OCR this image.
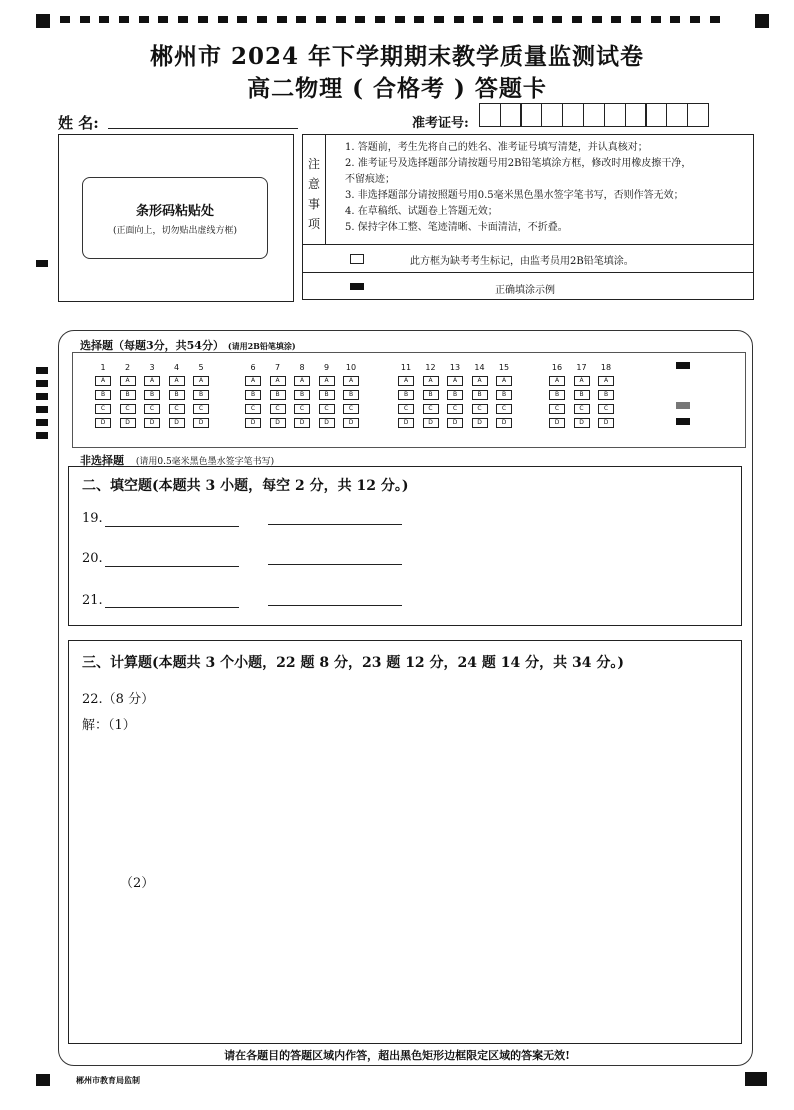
郴州市 2024 年下学期期末教学质量监测试卷
高二物理 ( 合格考 ) 答题卡
姓 名:	准考证号:
条形码粘贴处
(正面向上，切勿贴出虚线方框)
注
意
事
项
1. 答题前，考生先将自己的姓名、准考证号填写清楚，并认真核对；
2. 准考证号及选择题部分请按题号用2B铅笔填涂方框，修改时用橡皮擦干净，
不留痕迹；
3. 非选择题部分请按照题号用0.5毫米黑色墨水签字笔书写，否则作答无效；
4. 在草稿纸、试题卷上答题无效；
5. 保持字体工整、笔迹清晰、卡面清洁，不折叠。
此方框为缺考考生标记，由监考员用2B铅笔填涂。
正确填涂示例
选择题（每题3分，共54分） (请用2B铅笔填涂)
1
A
B
C
D
2
A
B
C
D
3
A
B
C
D
4
A
B
C
D
5
A
B
C
D
6
A
B
C
D
7
A
B
C
D
8
A
B
C
D
9
A
B
C
D
10
A
B
C
D
11
A
B
C
D
12
A
B
C
D
13
A
B
C
D
14
A
B
C
D
15
A
B
C
D
16
A
B
C
D
17
A
B
C
D
18
A
B
C
D
非选择题 (请用0.5毫米黑色墨水签字笔书写)
二、填空题(本题共 3 小题，每空 2 分，共 12 分。)
19.
20.
21.
三、计算题(本题共 3 个小题，22 题 8 分，23 题 12 分，24 题 14 分，共 34 分。)
22.（8 分）
解：（1）
（2）
请在各题目的答题区域内作答，超出黑色矩形边框限定区域的答案无效!
郴州市教育局监制
